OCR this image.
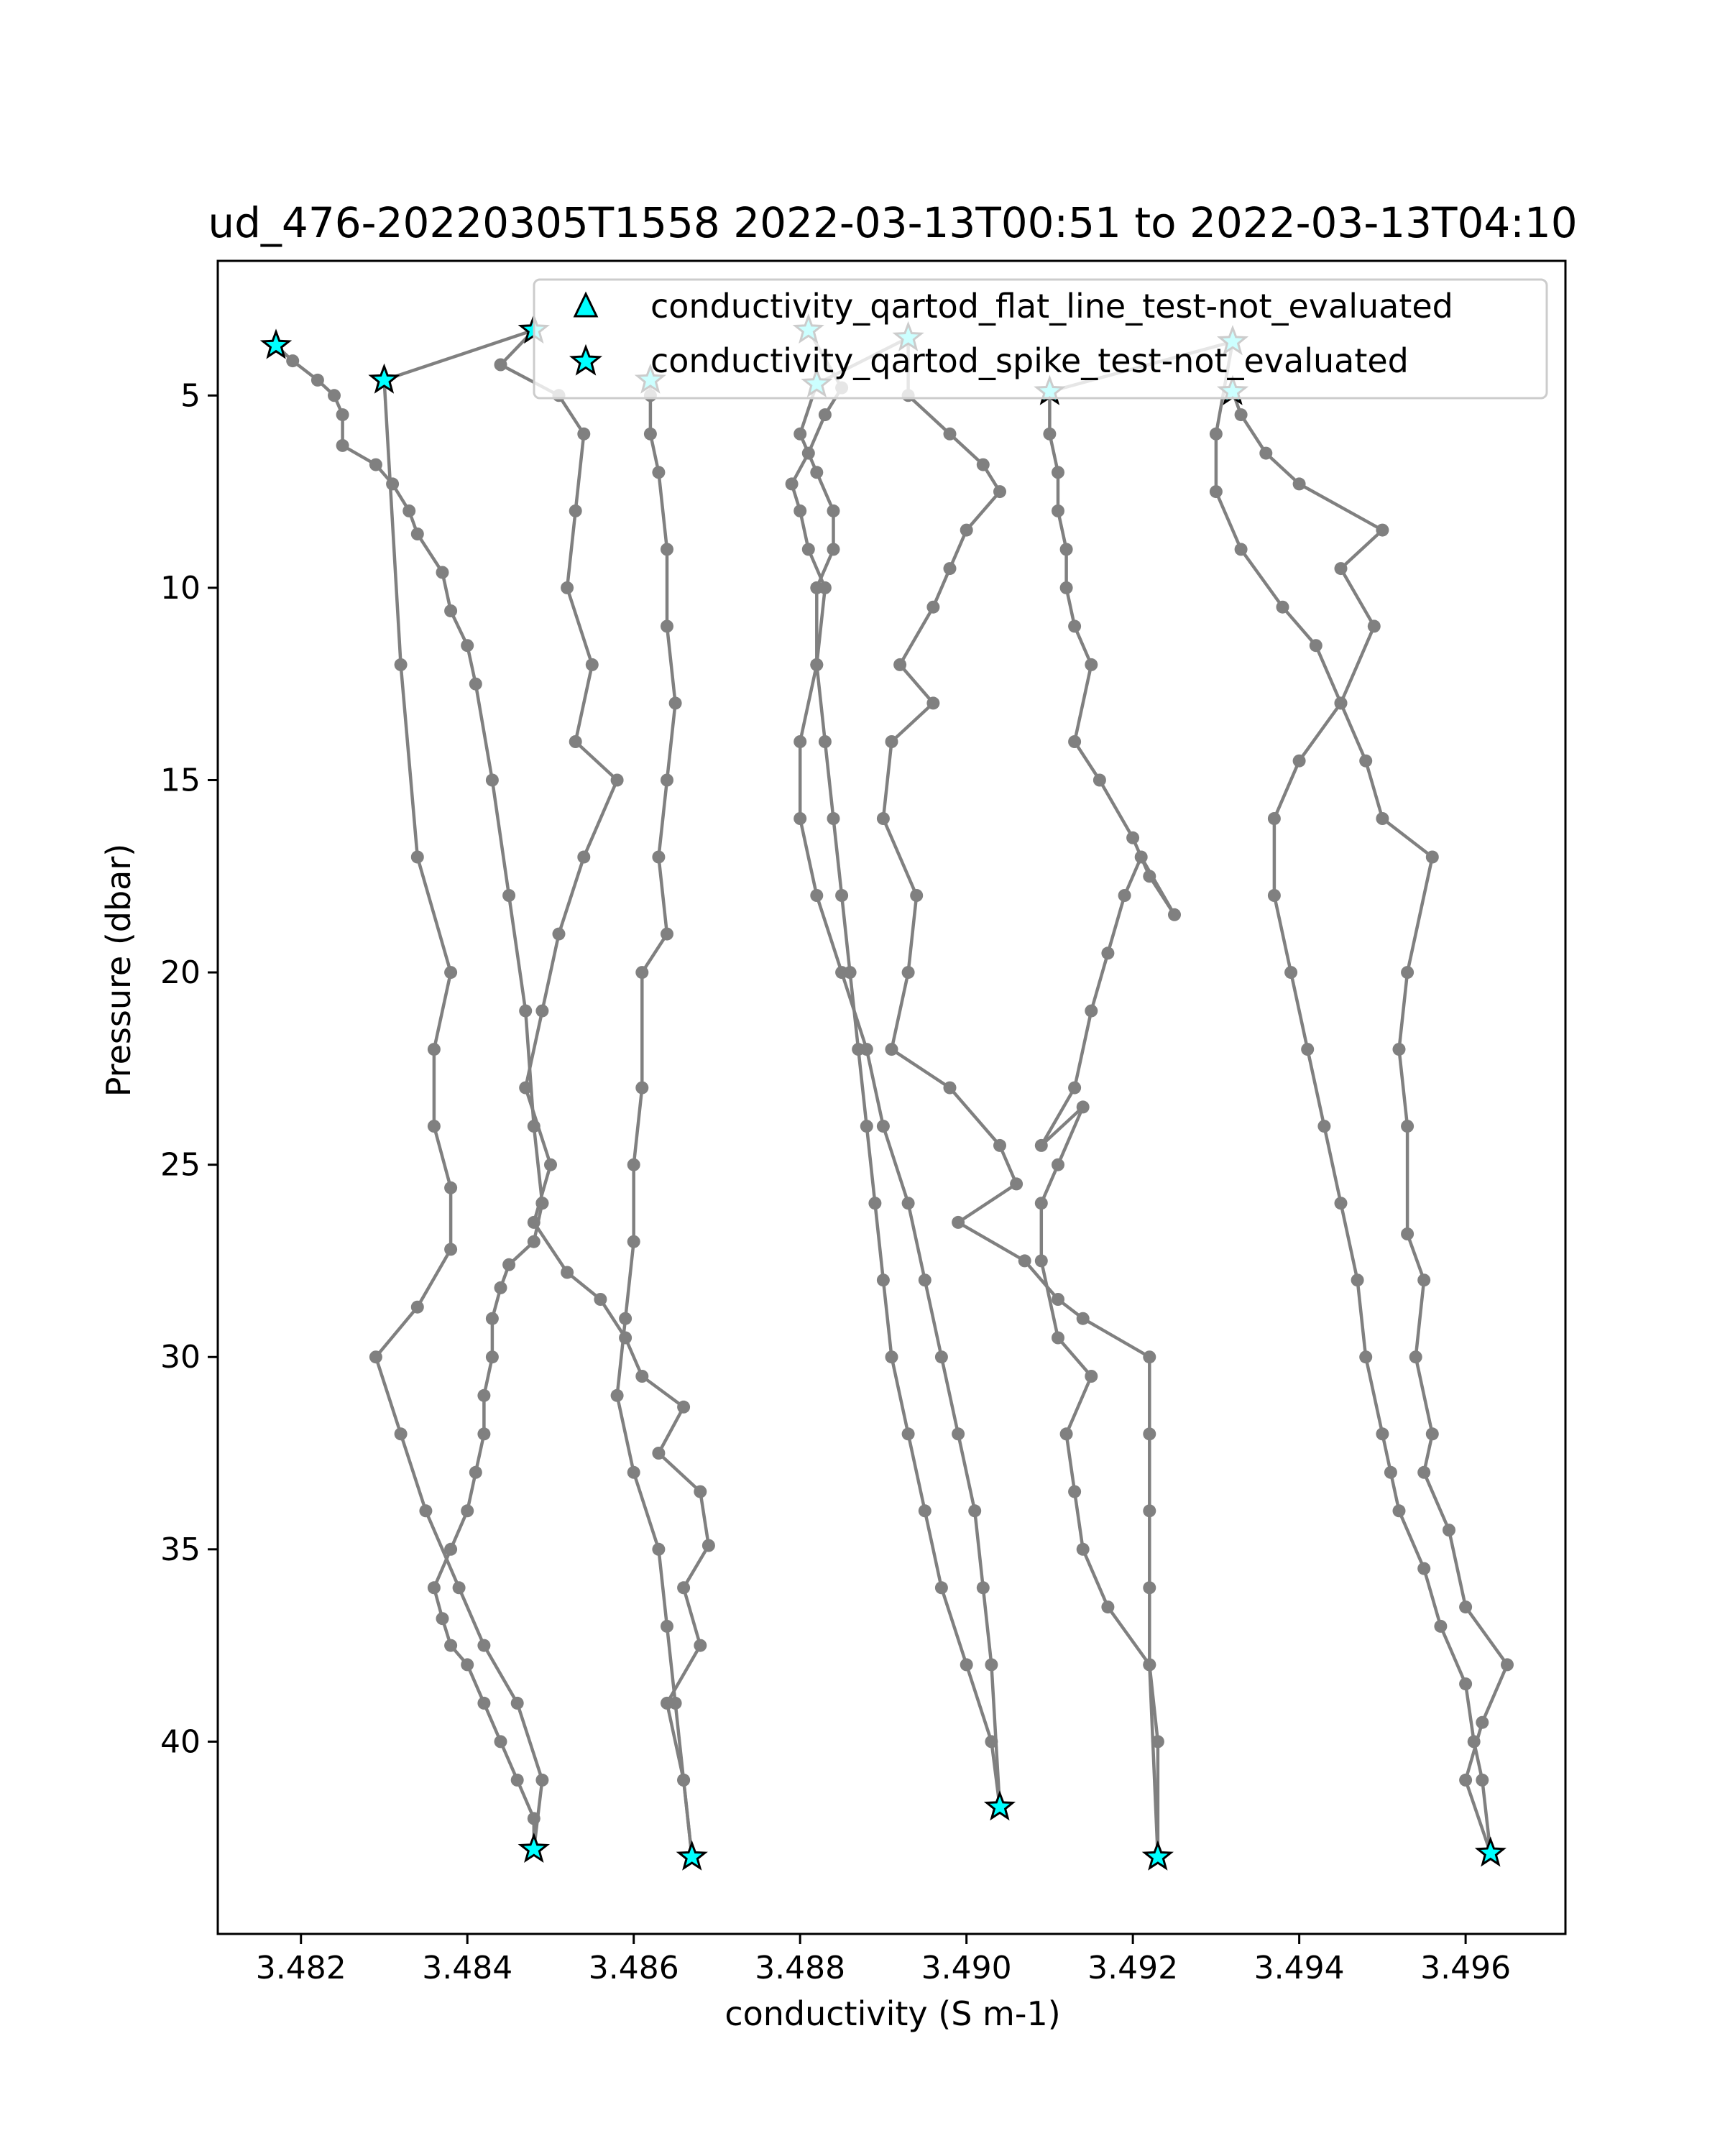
ud_476-20220305T1558 2022-03-13T00:51 to 2022-03-13T04:10
conductivity (S m-1)
Pressure (dbar)
3.482 3.484 3.486 3.488 3.490 3.492 3.494 3.496
5
10
15
20
25
30
35
40
conductivity_qartod_flat_line_test-not_evaluated
conductivity_qartod_spike_test-not_evaluated
